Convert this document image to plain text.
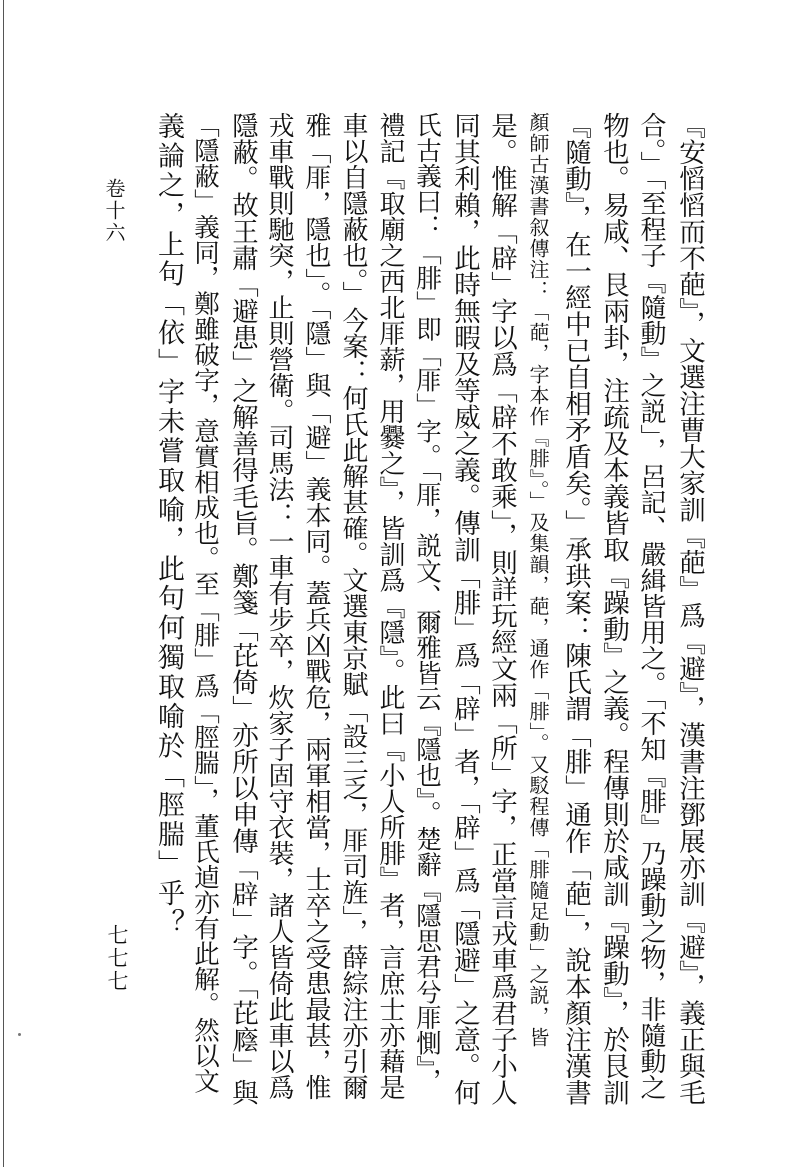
卷十六	『安慆慆而不葩』，文選注曹大家訓『葩』爲『避』，漢書注鄧展亦訓『避』，義正與毛
合。」「至程子『隨動』之説」，呂記、嚴緝皆用之。「不知『腓』乃躁動之物，非隨動之
物也。易咸、艮兩卦，注疏及本義皆取『躁動』之義。程傳則於咸訓『躁動』，於艮訓
『隨動』，在一經中已自相矛盾矣。」承珙案：陳氏謂「腓」通作「葩」，說本顏注漢書
顏師古漢書叙傳注：「葩，字本作『腓』。」及集韻，葩，通作「腓」。又駁程傳「腓隨足動」之説，皆
是。惟解「辟」字以爲「辟不敢乘」，則詳玩經文兩「所」字，正當言戎車爲君子小人
同其利賴，此時無暇及等威之義。傳訓「腓」爲「辟」者，「辟」爲「隱避」之意。何
氏古義曰：「腓」即「厞」字。「厞，説文、爾雅皆云『隱也』。楚辭『隱思君兮厞惻』，
禮記『取廟之西北厞薪，用爨之』，皆訓爲『隱』。此曰『小人所腓』者，言庶士亦藉是
車以自隱蔽也。」今案：何氏此解甚確。文選東京賦「設三乏，厞司旌」，薛綜注亦引爾
雅「厞，隱也」。「隱」與「避」義本同。蓋兵凶戰危，兩軍相當，士卒之受患最甚，惟
戎車戰則馳突，止則營衛。司馬法：一車有步卒，炊家子固守衣裝，諸人皆倚此車以爲
隱蔽。故王肅「避患」之解善得毛旨。鄭箋「芘倚」亦所以申傳「辟」字。「芘廕」與
「隱蔽」義同，鄭雖破字，意實相成也。至「腓」爲「脛腨」，董氏逌亦有此解。然以文
義論之，上句「依」字未嘗取喻，此句何獨取喻於「脛腨」乎？
七七七
